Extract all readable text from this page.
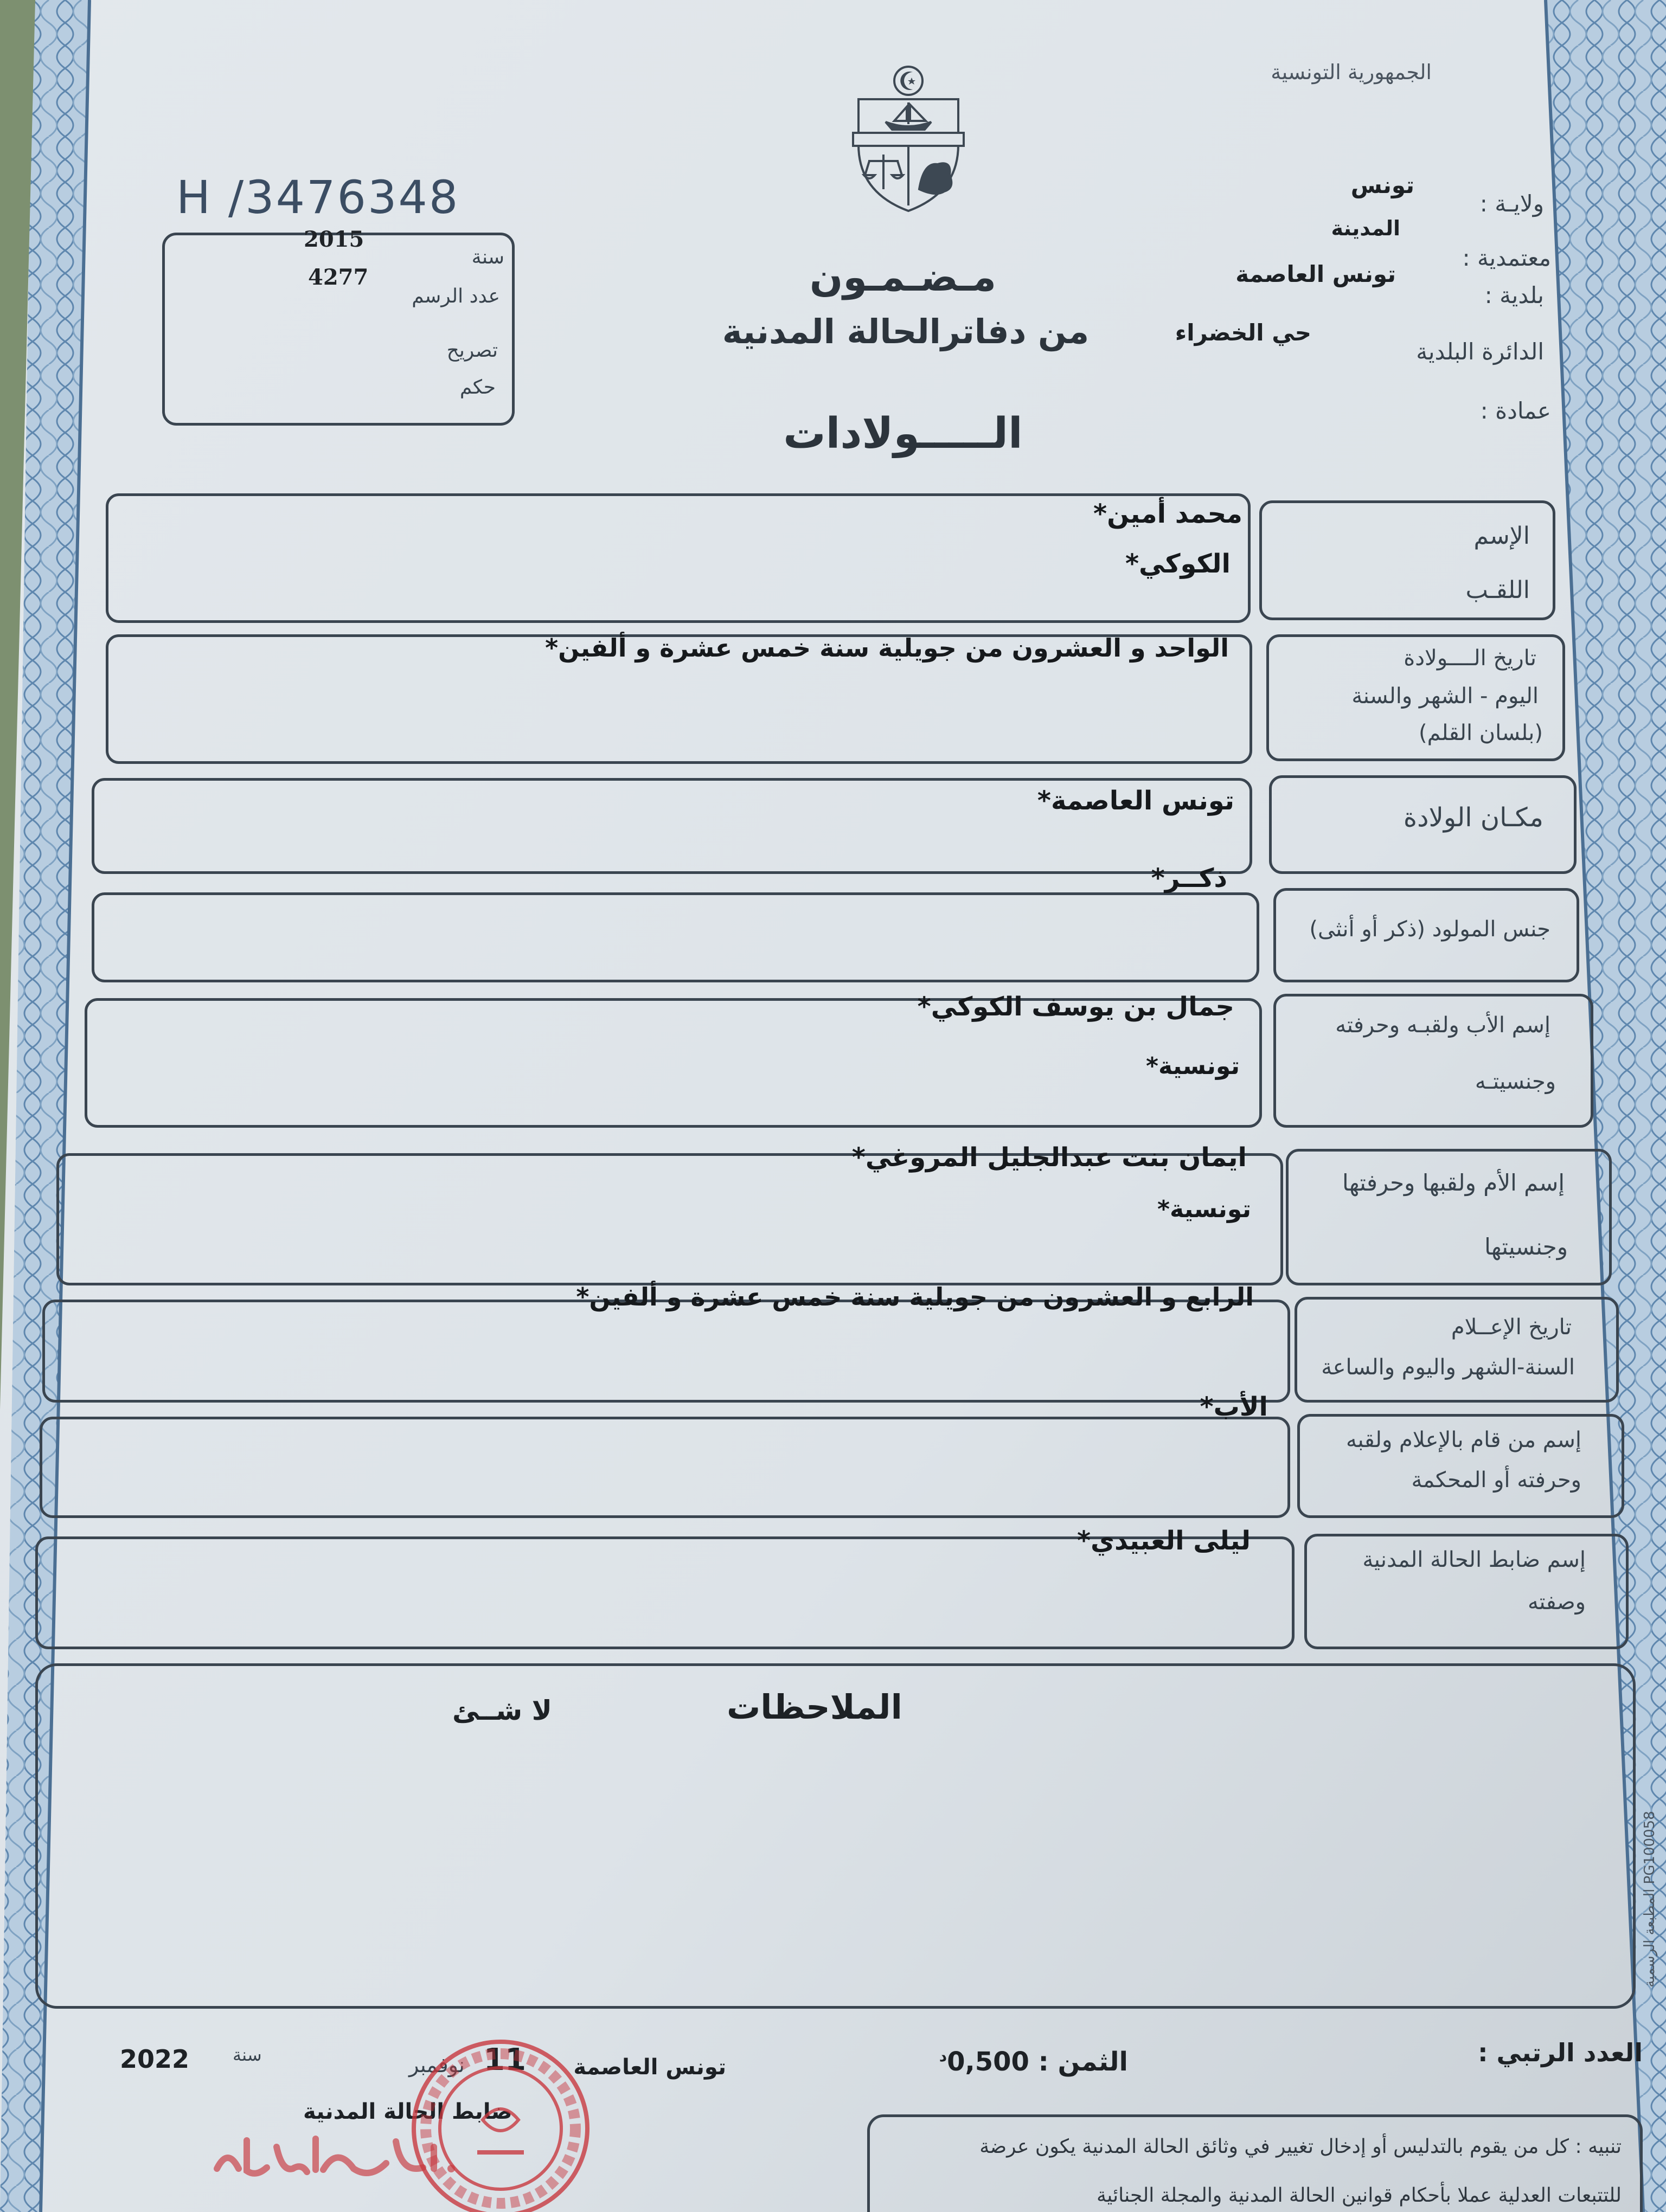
الجمهورية التونسية
H /3476348
2015
4277
سنة
عدد الرسم
تصريح
حكم
ولايـة :
تونس
المدينة
معتمدية :
تونس العاصمة
بلدية :
الدائرة البلدية
حي الخضراء
عمادة :
مـضـمـون
من دفاترالحالة المدنية
الـــــولادات
الإسم
اللقـب
محمد أمين*
الكوكي*
تاريخ الــــولادة
اليوم - الشهر والسنة
(بلسان القلم)
الواحد و العشرون من جويلية سنة خمس عشرة و ألفين*
مكـان الولادة
تونس العاصمة*
جنس المولود (ذكر أو أنثى)
ذكــر*
إسم الأب ولقبـه وحرفته
وجنسيتـه
جمال بن يوسف الكوكي*
تونسية*
إسم الأم ولقبها وحرفتها
وجنسيتها
ايمان بنت عبدالجليل المروغي*
تونسية*
تاريخ الإعــلام
السنة-الشهر واليوم والساعة
الرابع و العشرون من جويلية سنة خمس عشرة و ألفين*
إسم من قام بالإعلام ولقبه
وحرفته أو المحكمة
الأب*
إسم ضابط الحالة المدنية
وصفته
ليلى العبيدي*
الملاحظات
لا شــئ
المطبعة الرسمية PG100058
العدد الرتبي :
الثمن : $0,500^د$
تونس العاصمة
11
نوفمبر
سنة
2022
ضابط الحالة المدنية
تنبيه : كل من يقوم بالتدليس أو إدخال تغيير في وثائق الحالة المدنية يكون عرضة
للتتبعات العدلية عملا بأحكام قوانين الحالة المدنية والمجلة الجنائية
